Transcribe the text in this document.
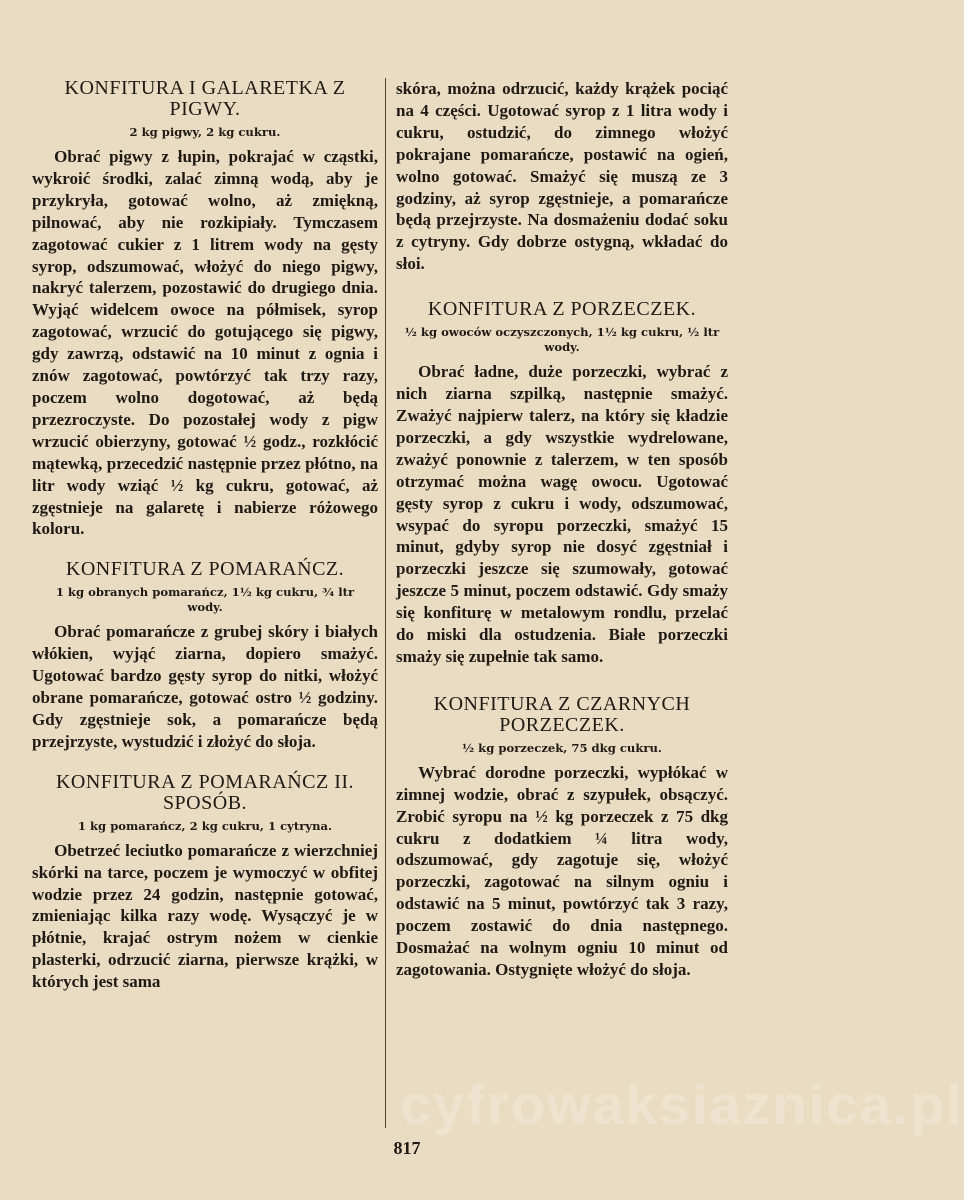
KONFITURA I GALARETKA Z PIGWY.

2 kg pigwy, 2 kg cukru.

Obrać pigwy z łupin, pokrajać w cząstki, wykroić środki, zalać zimną wodą, aby je przykryła, gotować wolno, aż zmiękną, pilnować, aby nie rozkipiały. Tymczasem zagotować cukier z 1 litrem wody na gęsty syrop, odszumować, włożyć do niego pigwy, nakryć talerzem, pozostawić do drugiego dnia. Wyjąć widelcem owoce na półmisek, syrop zagotować, wrzucić do gotującego się pigwy, gdy zawrzą, odstawić na 10 minut z ognia i znów zagotować, powtórzyć tak trzy razy, poczem wolno dogotować, aż będą przezroczyste. Do pozostałej wody z pigw wrzucić obierzyny, gotować ½ godz., rozkłócić mątewką, przecedzić następnie przez płótno, na litr wody wziąć ½ kg cukru, gotować, aż zgęstnieje na galaretę i nabierze różowego koloru.

KONFITURA Z POMARAŃCZ.

1 kg obranych pomarańcz, 1½ kg cukru, ¾ ltr wody.

Obrać pomarańcze z grubej skóry i białych włókien, wyjąć ziarna, dopiero smażyć. Ugotować bardzo gęsty syrop do nitki, włożyć obrane pomarańcze, gotować ostro ½ godziny. Gdy zgęstnieje sok, a pomarańcze będą przejrzyste, wystudzić i złożyć do słoja.

KONFITURA Z POMARAŃCZ II. SPOSÓB.

1 kg pomarańcz, 2 kg cukru, 1 cytryna.

Obetrzeć leciutko pomarańcze z wierzchniej skórki na tarce, poczem je wymoczyć w obfitej wodzie przez 24 godzin, następnie gotować, zmieniając kilka razy wodę. Wysączyć je w płótnie, krajać ostrym nożem w cienkie plasterki, odrzucić ziarna, pierwsze krążki, w których jest sama

skóra, można odrzucić, każdy krążek pociąć na 4 części. Ugotować syrop z 1 litra wody i cukru, ostudzić, do zimnego włożyć pokrajane pomarańcze, postawić na ogień, wolno gotować. Smażyć się muszą ze 3 godziny, aż syrop zgęstnieje, a pomarańcze będą przejrzyste. Na dosmażeniu dodać soku z cytryny. Gdy dobrze ostygną, wkładać do słoi.

KONFITURA Z PORZECZEK.

½ kg owoców oczyszczonych, 1½ kg cukru, ½ ltr wody.

Obrać ładne, duże porzeczki, wybrać z nich ziarna szpilką, następnie smażyć. Zważyć najpierw talerz, na który się kładzie porzeczki, a gdy wszystkie wydrelowane, zważyć ponownie z talerzem, w ten sposób otrzymać można wagę owocu. Ugotować gęsty syrop z cukru i wody, odszumować, wsypać do syropu porzeczki, smażyć 15 minut, gdyby syrop nie dosyć zgęstniał i porzeczki jeszcze się szumowały, gotować jeszcze 5 minut, poczem odstawić. Gdy smaży się konfiturę w metalowym rondlu, przelać do miski dla ostudzenia. Białe porzeczki smaży się zupełnie tak samo.

KONFITURA Z CZARNYCH PORZECZEK.

½ kg porzeczek, 75 dkg cukru.

Wybrać dorodne porzeczki, wypłókać w zimnej wodzie, obrać z szypułek, obsączyć. Zrobić syropu na ½ kg porzeczek z 75 dkg cukru z dodatkiem ¼ litra wody, odszumować, gdy zagotuje się, włożyć porzeczki, zagotować na silnym ogniu i odstawić na 5 minut, powtórzyć tak 3 razy, poczem zostawić do dnia następnego. Dosmażać na wolnym ogniu 10 minut od zagotowania. Ostygnięte włożyć do słoja.

cyfrowaksiaznica.pl
817
